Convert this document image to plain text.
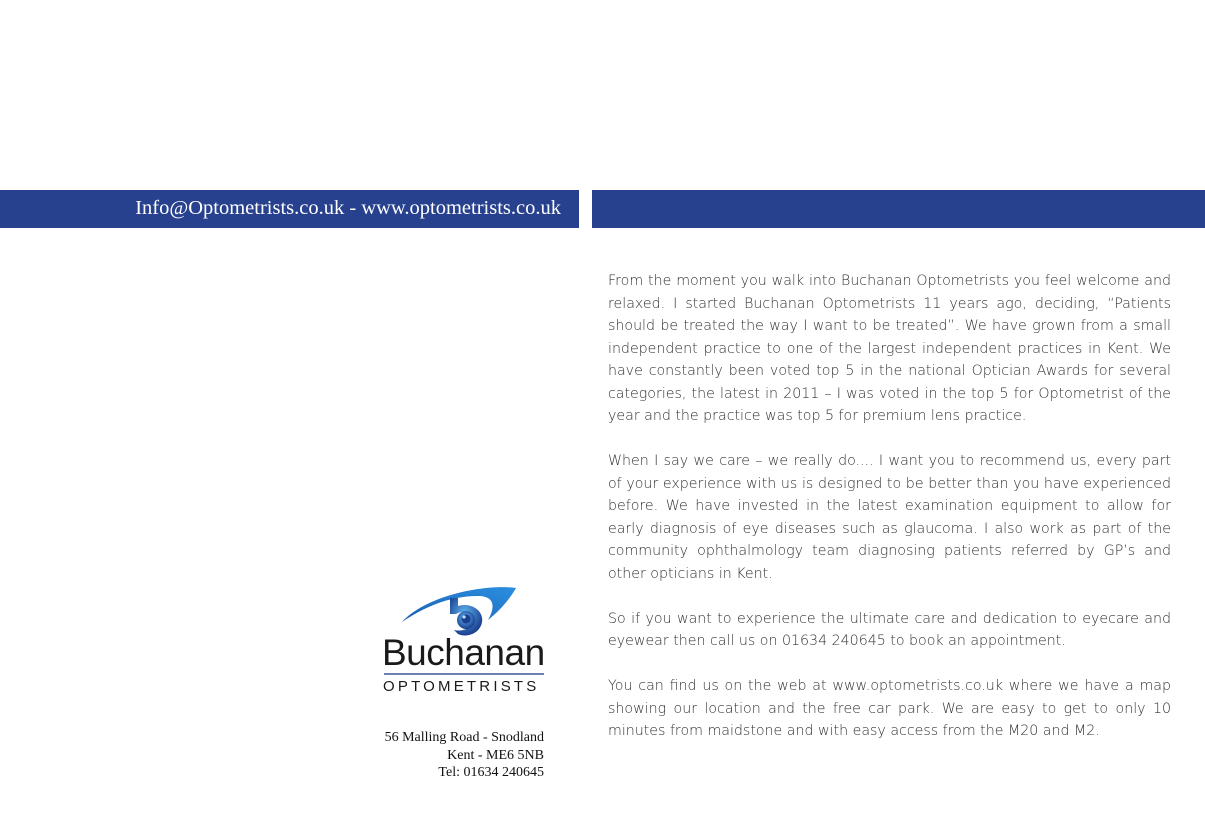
Info@Optometrists.co.uk - www.optometrists.co.uk
Buchanan
OPTOMETRISTS
56 Malling Road - Snodland
Kent - ME6 5NB
Tel: 01634 240645

From the moment you walk into Buchanan Optometrists you feel welcome and relaxed. I started Buchanan Optometrists 11 years ago, deciding, “Patients should be treated the way I want to be treated”. We have grown from a small independent practice to one of the largest independent practices in Kent. We have constantly been voted top 5 in the national Optician Awards for several categories, the latest in 2011 – I was voted in the top 5 for Optometrist of the year and the practice was top 5 for premium lens practice.

When I say we care – we really do.... I want you to recommend us, every part of your experience with us is designed to be better than you have experienced before. We have invested in the latest examination equipment to allow for early diagnosis of eye diseases such as glaucoma. I also work as part of the community ophthalmology team diagnosing patients referred by GP’s and other opticians in Kent.

So if you want to experience the ultimate care and dedication to eyecare and eyewear then call us on 01634 240645 to book an appointment.

You can find us on the web at www.optometrists.co.uk where we have a map showing our location and the free car park. We are easy to get to only 10 minutes from maidstone and with easy access from the M20 and M2.
